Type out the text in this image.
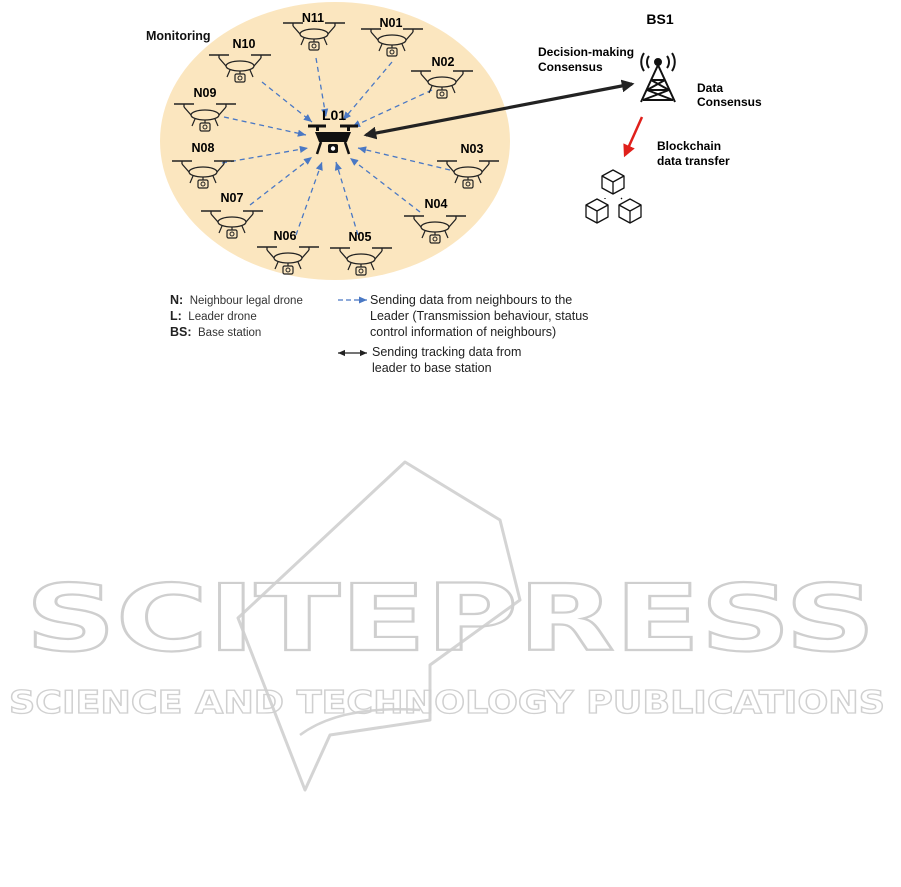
SCITEPRESS
SCIENCE AND TECHNOLOGY PUBLICATIONS
Monitoring
N11	N01
N02
N03
N04
N05
N06
N07
N08
N09
N10
L01
BS1
Decision-making
Consensus
Data
Consensus
Blockchain
data transfer
N: Neighbour legal drone
L: Leader drone
BS: Base station
Sending data from neighbours to the
Leader (Transmission behaviour, status
control information of neighbours)
Sending tracking data from
leader to base station
